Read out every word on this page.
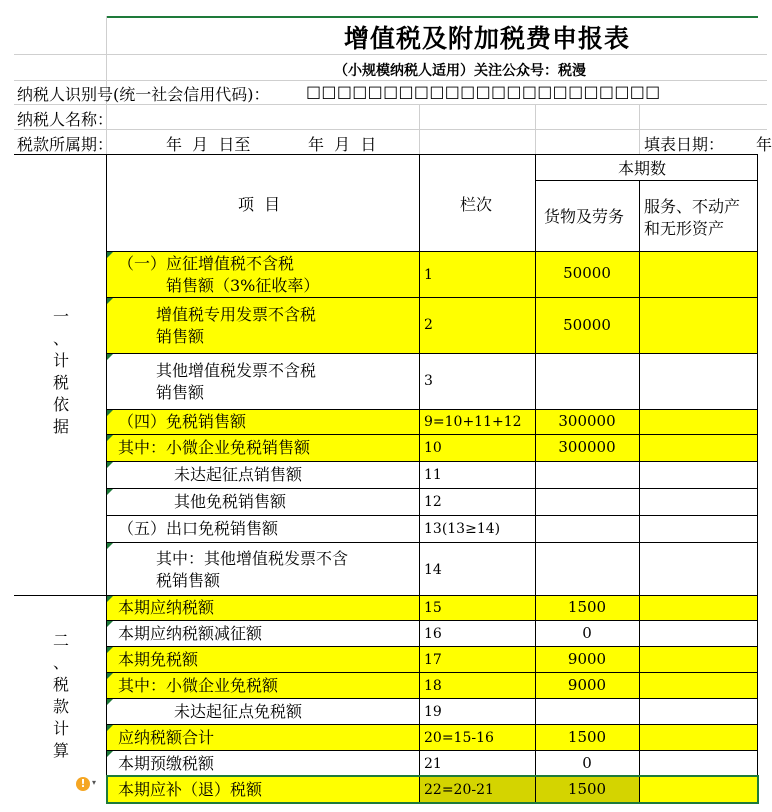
增值税及附加税费申报表
（小规模纳税人适用）关注公众号：税漫
纳税人识别号(统一社会信用代码)： □□□□□□□□□□□□□□□□□□□□□□□
纳税人名称：
税款所属期：	年  月  日至	年  月  日	填表日期： 年
项  目	栏次
本期数
货物及劳务
服务、不动产
和无形资产
一
、
计
税
依
据
二
、
税
款
计
算
（一）应征增值税不含税
销售额（3%征收率）
1	50000
增值税专用发票不含税
销售额
2	50000
其他增值税发票不含税
销售额
3
（四）免税销售额	9=10+11+12	300000
其中：小微企业免税销售额	10	300000
未达起征点销售额	11
其他免税销售额	12
（五）出口免税销售额	13(13≥14)
其中：其他增值税发票不含
税销售额
14
本期应纳税额	15	1500
本期应纳税额减征额	16	0
本期免税额	17	9000
其中：小微企业免税额	18	9000
未达起征点免税额	19
应纳税额合计	20=15-16	1500
本期预缴税额	21	0
本期应补（退）税额	22=20-21	1500
! ▾
